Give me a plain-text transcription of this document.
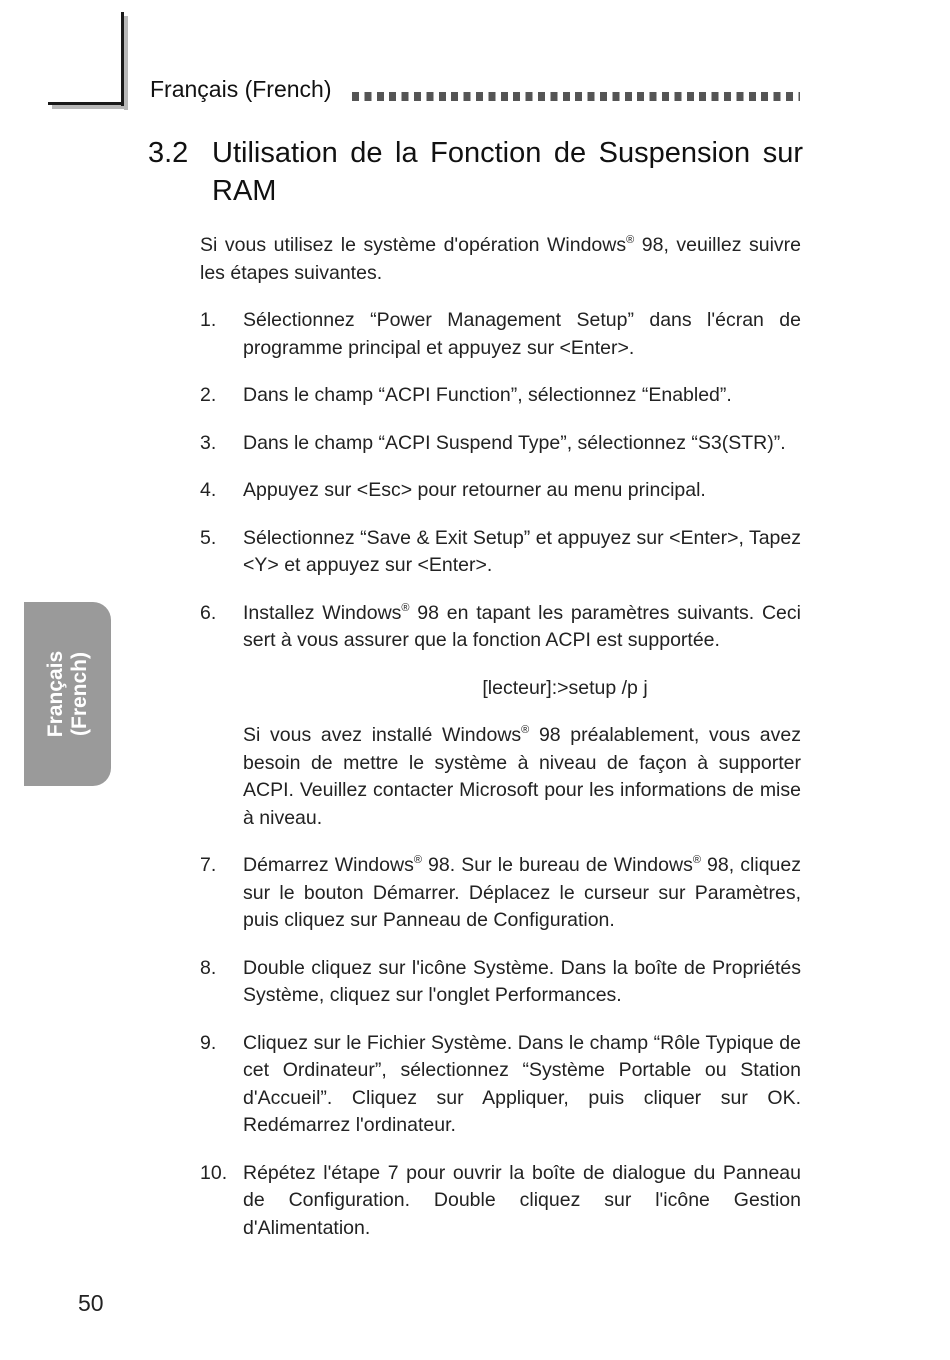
Français (French)
3.2 Utilisation de la Fonction de Suspension sur RAM
Si vous utilisez le système d'opération Windows® 98, veuillez suivre les étapes suivantes.
1. Sélectionnez “Power Management Setup” dans l'écran de programme principal et appuyez sur <Enter>.
2. Dans le champ “ACPI Function”, sélectionnez “Enabled”.
3. Dans le champ “ACPI Suspend Type”, sélectionnez “S3(STR)”.
4. Appuyez sur <Esc> pour retourner au menu principal.
5. Sélectionnez “Save & Exit Setup” et appuyez sur <Enter>, Tapez <Y> et appuyez sur <Enter>.
6. Installez Windows® 98 en tapant les paramètres suivants. Ceci sert à vous assurer que la fonction ACPI est supportée.
[lecteur]:>setup /p j
Si vous avez installé Windows® 98 préalablement, vous avez besoin de mettre le système à niveau de façon à supporter ACPI. Veuillez contacter Microsoft pour les informations de mise à niveau.
7. Démarrez Windows® 98. Sur le bureau de Windows® 98, cliquez sur le bouton Démarrer. Déplacez le curseur sur Paramètres, puis cliquez sur Panneau de Configuration.
8. Double cliquez sur l'icône Système. Dans la boîte de Propriétés Système, cliquez sur l'onglet Performances.
9. Cliquez sur le Fichier Système. Dans le champ “Rôle Typique de cet Ordinateur”, sélectionnez “Système Portable ou Station d'Accueil”. Cliquez sur Appliquer, puis cliquer sur OK. Redémarrez l'ordinateur.
10. Répétez l'étape 7 pour ouvrir la boîte de dialogue du Panneau de Configuration. Double cliquez sur l'icône Gestion d'Alimentation.
Français
(French)
50
